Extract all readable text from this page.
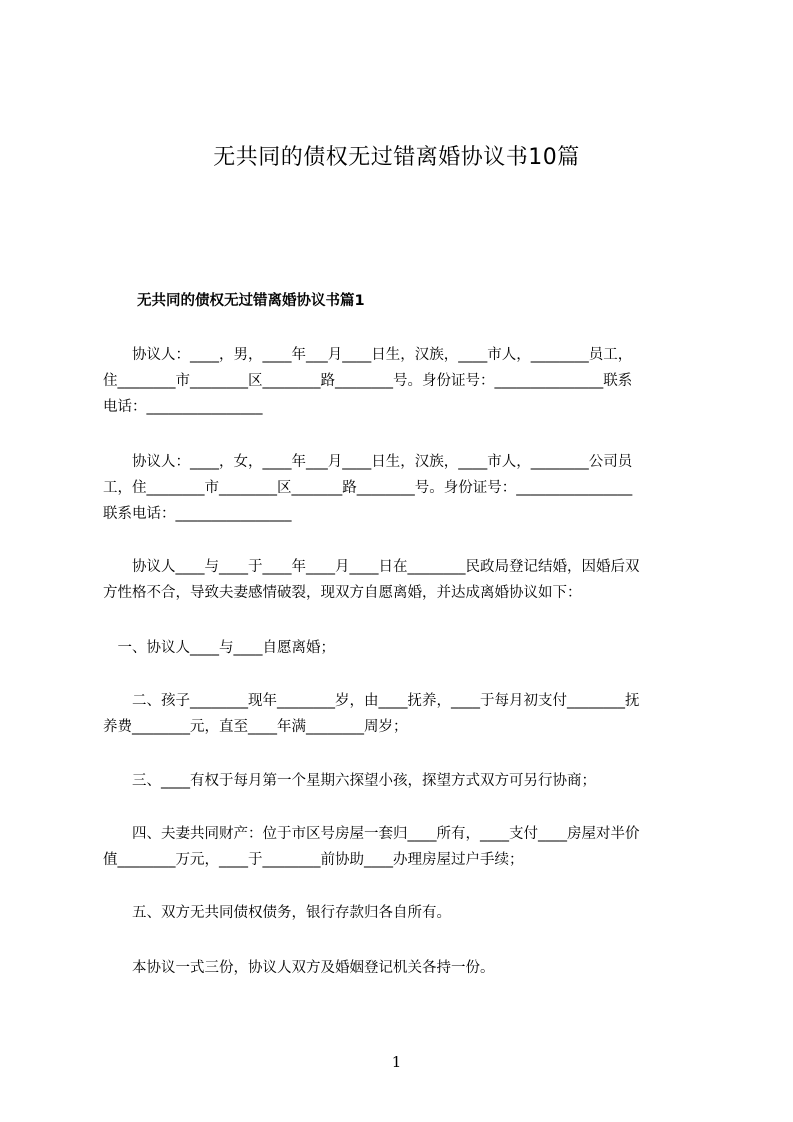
无共同的债权无过错离婚协议书10篇
无共同的债权无过错离婚协议书篇1

　　协议人：____，男，____年___月____日生，汉族，____市人，________员工，
住________市________区________路________号。身份证号：_______________联系
电话：________________

　　协议人：____，女，____年___月____日生，汉族，____市人，________公司员
工，住________市________区_______路________号。身份证号：________________
联系电话：________________

　　协议人____与____于____年____月____日在________民政局登记结婚，因婚后双
方性格不合，导致夫妻感情破裂，现双方自愿离婚，并达成离婚协议如下：

　一、协议人____与____自愿离婚；

　　二、孩子________现年________岁，由____抚养，____于每月初支付________抚
养费________元，直至____年满________周岁；

　　三、____有权于每月第一个星期六探望小孩，探望方式双方可另行协商；

　　四、夫妻共同财产：位于市区号房屋一套归____所有，____支付____房屋对半价
值________万元，____于________前协助____办理房屋过户手续；

　　五、双方无共同债权债务，银行存款归各自所有。

　　本协议一式三份，协议人双方及婚姻登记机关各持一份。

1
